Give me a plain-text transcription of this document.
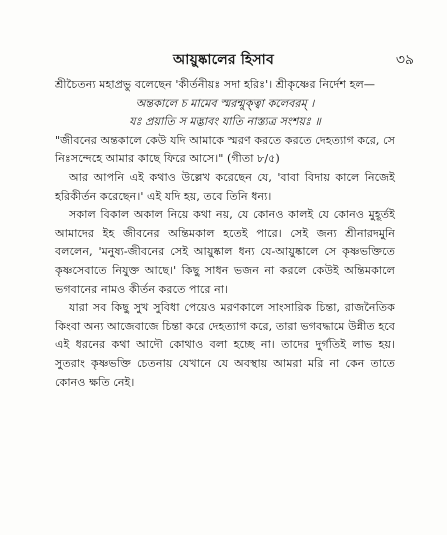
আয়ুষ্কালের হিসাব	৩৯

শ্রীচৈতন্য মহাপ্রভু বলেছেন 'কীর্তনীয়ঃ সদা হরিঃ'। শ্রীকৃষ্ণের নির্দেশ হল—

অন্তকালে চ মামেব স্মরন্মুক্ত্বা কলেবরম্ ।

যঃ প্রয়াতি স মদ্ভাবং যাতি নাস্ত্যত্র সংশয়ঃ ॥

"জীবনের অন্তকালে কেউ যদি আমাকে স্মরণ করতে করতে দেহত্যাগ করে, সে নিঃসন্দেহে আমার কাছে ফিরে আসে।" (গীতা ৮/৫)

আর আপনি এই কথাও উল্লেখ করেছেন যে, 'বাবা বিদায় কালে নিজেই হরিকীর্তন করেছেন।' এই যদি হয়, তবে তিনি ধন্য।

সকাল বিকাল অকাল নিয়ে কথা নয়, যে কোনও কালই যে কোনও মুহূর্তই আমাদের ইহ জীবনের অন্তিমকাল হতেই পারে। সেই জন্য শ্রীনারদমুনি বললেন, 'মনুষ্য-জীবনের সেই আয়ুষ্কাল ধন্য যে-আয়ুষ্কালে সে কৃষ্ণভক্তিতে কৃষ্ণসেবাতে নিযুক্ত আছে।' কিছু সাধন ভজন না করলে কেউই অন্তিমকালে ভগবানের নামও কীর্তন করতে পারে না।

যারা সব কিছু সুখ সুবিধা পেয়েও মরণকালে সাংসারিক চিন্তা, রাজনৈতিক কিংবা অন্য আজেবাজে চিন্তা করে দেহত্যাগ করে, তারা ভগবদ্ধামে উন্নীত হবে এই ধরনের কথা আদৌ কোথাও বলা হচ্ছে না। তাদের দুর্গতিই লাভ হয়। সুতরাং কৃষ্ণভক্তি চেতনায় যেখানে যে অবস্থায় আমরা মরি না কেন তাতে কোনও ক্ষতি নেই।
